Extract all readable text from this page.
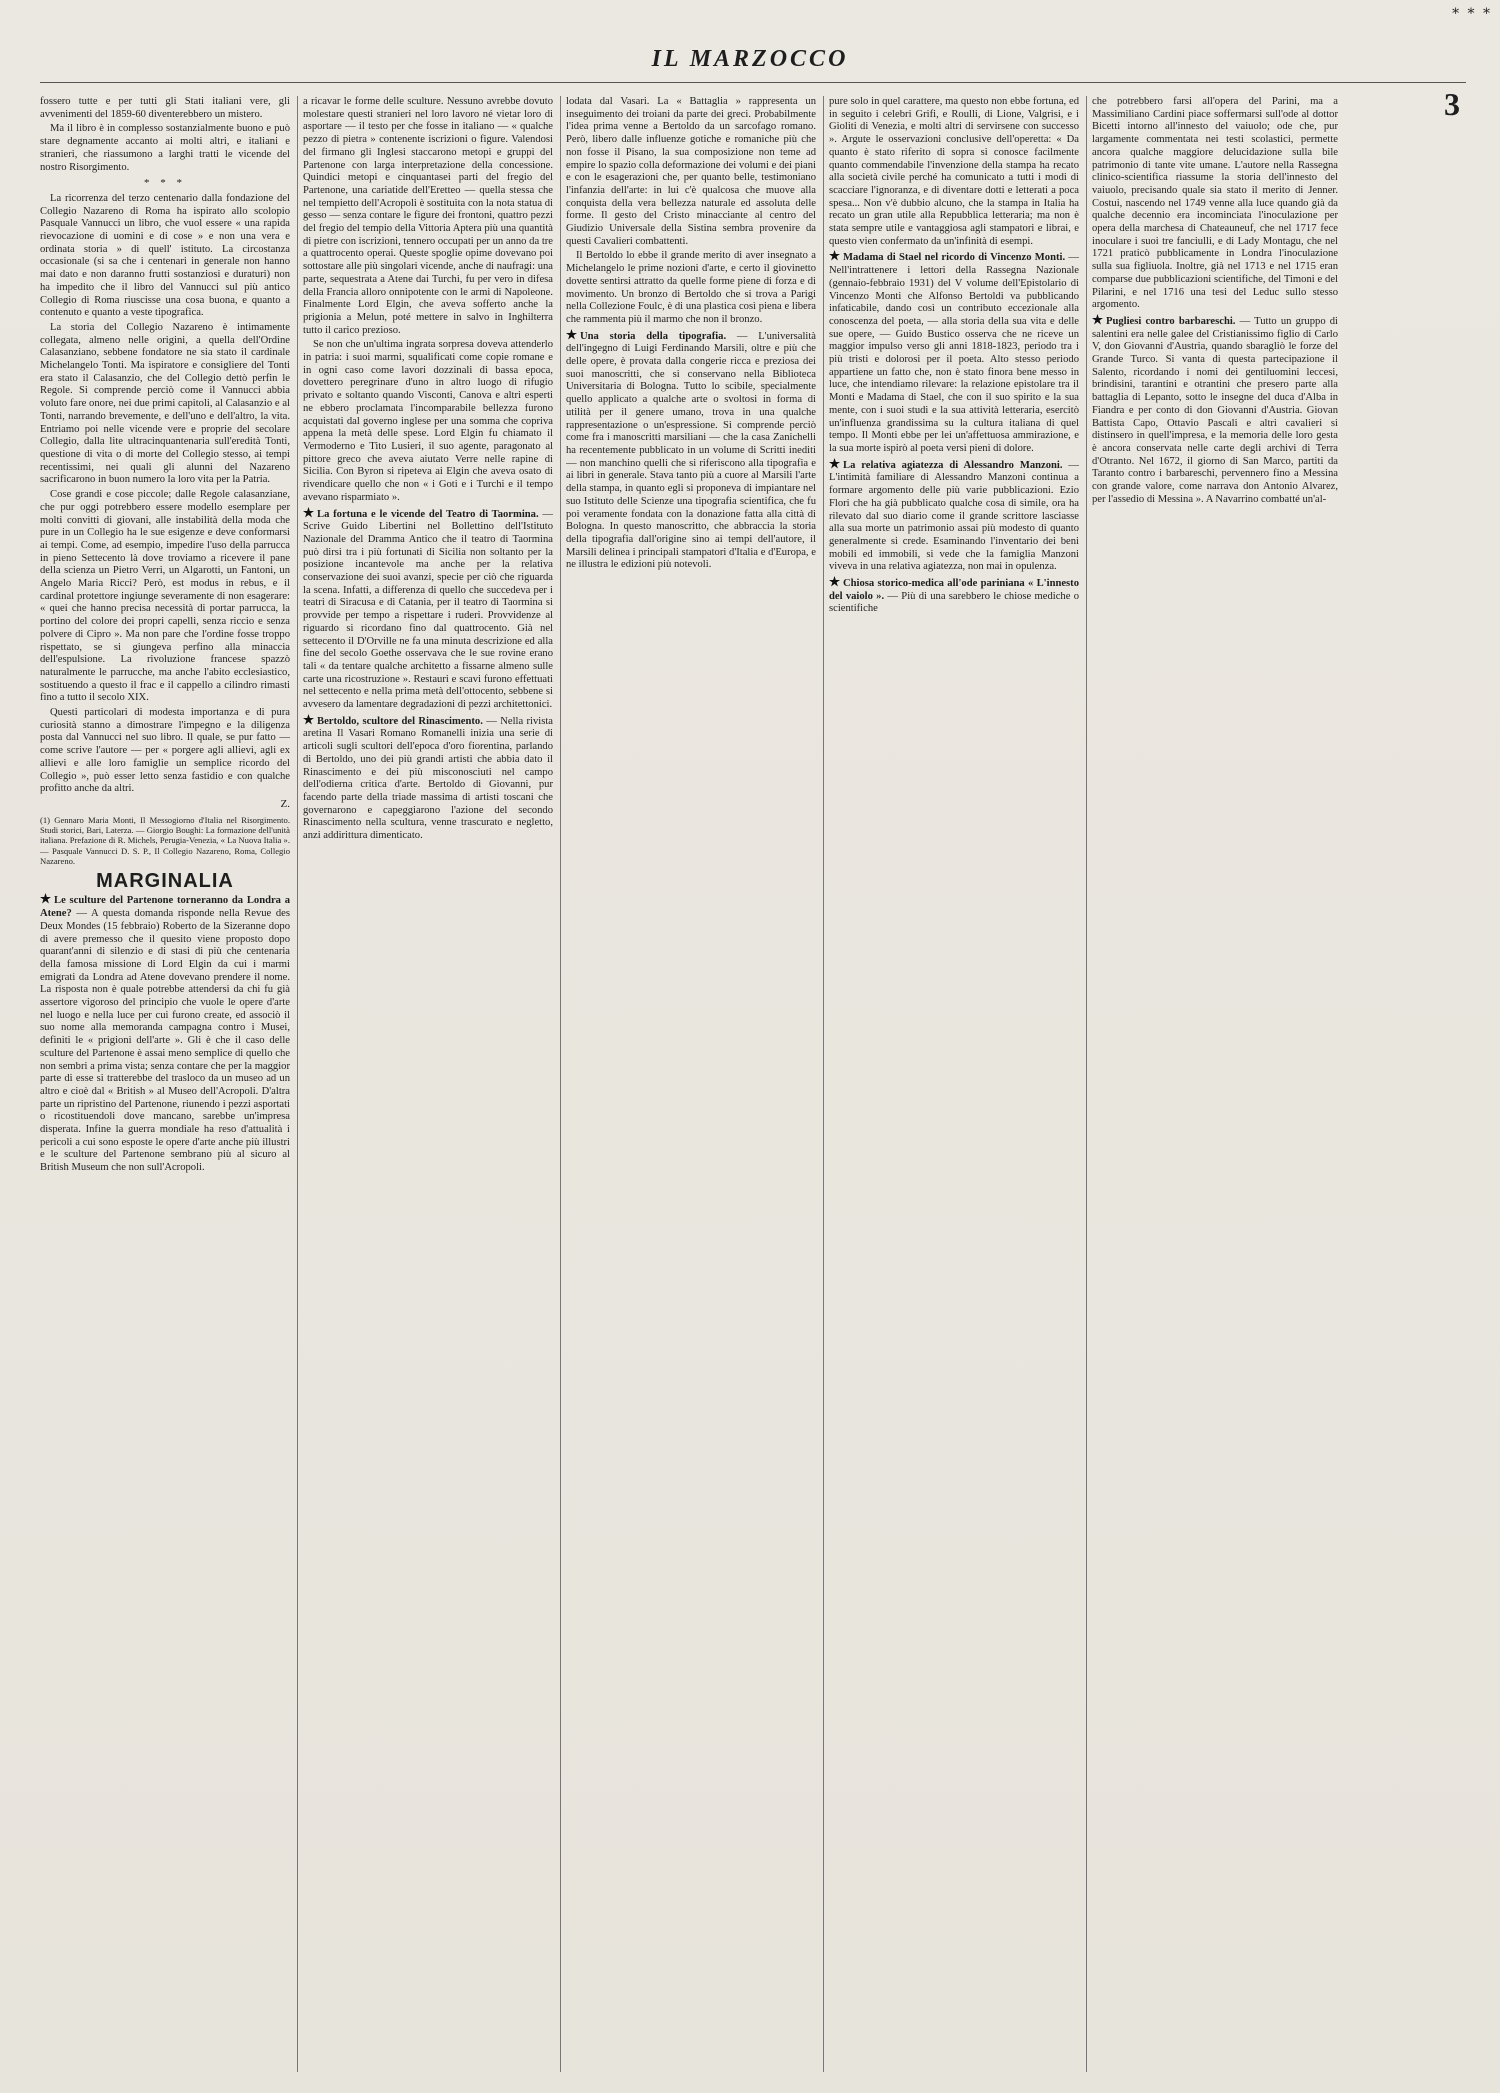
* * *
IL MARZOCCO
3

fossero tutte e per tutti gli Stati italiani vere, gli avvenimenti del 1859-60 diventerebbero un mistero.

Ma il libro è in complesso sostanzialmente buono e può stare degnamente accanto ai molti altri, e italiani e stranieri, che riassumono a larghi tratti le vicende del nostro Risorgimento.

* * *

La ricorrenza del terzo centenario dalla fondazione del Collegio Nazareno di Roma ha ispirato allo scolopio Pasquale Vannucci un libro, che vuol essere « una rapida rievocazione di uomini e di cose » e non una vera e ordinata storia » di quell' istituto. La circostanza occasionale (si sa che i centenari in generale non hanno mai dato e non daranno frutti sostanziosi e duraturi) non ha impedito che il libro del Vannucci sul più antico Collegio di Roma riuscisse una cosa buona, e quanto a contenuto e quanto a veste tipografica.

La storia del Collegio Nazareno è intimamente collegata, almeno nelle origini, a quella dell'Ordine Calasanziano, sebbene fondatore ne sia stato il cardinale Michelangelo Tonti. Ma ispiratore e consigliere del Tonti era stato il Calasanzio, che del Collegio dettò perfin le Regole. Si comprende perciò come il Vannucci abbia voluto fare onore, nei due primi capitoli, al Calasanzio e al Tonti, narrando brevemente, e dell'uno e dell'altro, la vita. Entriamo poi nelle vicende vere e proprie del secolare Collegio, dalla lite ultracinquantenaria sull'eredità Tonti, questione di vita o di morte del Collegio stesso, ai tempi recentissimi, nei quali gli alunni del Nazareno sacrificarono in buon numero la loro vita per la Patria.

Cose grandi e cose piccole; dalle Regole calasanziane, che pur oggi potrebbero essere modello esemplare per molti convitti di giovani, alle instabilità della moda che pure in un Collegio ha le sue esigenze e deve conformarsi ai tempi. Come, ad esempio, impedire l'uso della parrucca in pieno Settecento là dove troviamo a ricevere il pane della scienza un Pietro Verri, un Algarotti, un Fantoni, un Angelo Maria Ricci? Però, est modus in rebus, e il cardinal protettore ingiunge severamente di non esagerare: « quei che hanno precisa necessità di portar parrucca, la portino del colore dei propri capelli, senza riccio e senza polvere di Cipro ». Ma non pare che l'ordine fosse troppo rispettato, se si giungeva perfino alla minaccia dell'espulsione. La rivoluzione francese spazzò naturalmente le parrucche, ma anche l'abito ecclesiastico, sostituendo a questo il frac e il cappello a cilindro rimasti fino a tutto il secolo XIX.

Questi particolari di modesta importanza e di pura curiosità stanno a dimostrare l'impegno e la diligenza posta dal Vannucci nel suo libro. Il quale, se pur fatto — come scrive l'autore — per « porgere agli allievi, agli ex allievi e alle loro famiglie un semplice ricordo del Collegio », può esser letto senza fastidio e con qualche profitto anche da altri.

Z.
(1) Gennaro Maria Monti, Il Messogiorno d'Italia nel Risorgimento. Studi storici, Bari, Laterza. — Giorgio Boughi: La formazione dell'unità italiana. Prefazione di R. Michels, Perugia-Venezia, « La Nuova Italia ». — Pasquale Vannucci D. S. P., Il Collegio Nazareno, Roma, Collegio Nazareno.
MARGINALIA

Le sculture del Partenone torneranno da Londra a Atene? — A questa domanda risponde nella Revue des Deux Mondes (15 febbraio) Roberto de la Sizeranne dopo di avere premesso che il quesito viene proposto dopo quarant'anni di silenzio e di stasi di più che centenaria della famosa missione di Lord Elgin da cui i marmi emigrati da Londra ad Atene dovevano prendere il nome. La risposta non è quale potrebbe attendersi da chi fu già assertore vigoroso del principio che vuole le opere d'arte nel luogo e nella luce per cui furono create, ed associò il suo nome alla memoranda campagna contro i Musei, definiti le « prigioni dell'arte ». Gli è che il caso delle sculture del Partenone è assai meno semplice di quello che non sembri a prima vista; senza contare che per la maggior parte di esse si tratterebbe del trasloco da un museo ad un altro e cioè dal « British » al Museo dell'Acropoli. D'altra parte un ripristino del Partenone, riunendo i pezzi asportati o ricostituendoli dove mancano, sarebbe un'impresa disperata. Infine la guerra mondiale ha reso d'attualità i pericoli a cui sono esposte le opere d'arte anche più illustri e le sculture del Partenone sembrano più al sicuro al British Museum che non sull'Acropoli.

a ricavar le forme delle sculture. Nessuno avrebbe dovuto molestare questi stranieri nel loro lavoro né vietar loro di asportare — il testo per che fosse in italiano — « qualche pezzo di pietra » contenente iscrizioni o figure. Valendosi del firmano gli Inglesi staccarono metopi e gruppi del Partenone con larga interpretazione della concessione. Quindici metopi e cinquantasei parti del fregio del Partenone, una cariatide dell'Eretteo — quella stessa che nel tempietto dell'Acropoli è sostituita con la nota statua di gesso — senza contare le figure dei frontoni, quattro pezzi del fregio del tempio della Vittoria Aptera più una quantità di pietre con iscrizioni, tennero occupati per un anno da tre a quattrocento operai. Queste spoglie opime dovevano poi sottostare alle più singolari vicende, anche di naufragi: una parte, sequestrata a Atene dai Turchi, fu per vero in difesa della Francia alloro onnipotente con le armi di Napoleone. Finalmente Lord Elgin, che aveva sofferto anche la prigionia a Melun, poté mettere in salvo in Inghilterra tutto il carico prezioso.

Se non che un'ultima ingrata sorpresa doveva attenderlo in patria: i suoi marmi, squalificati come copie romane e in ogni caso come lavori dozzinali di bassa epoca, dovettero peregrinare d'uno in altro luogo di rifugio privato e soltanto quando Visconti, Canova e altri esperti ne ebbero proclamata l'incomparabile bellezza furono acquistati dal governo inglese per una somma che copriva appena la metà delle spese. Lord Elgin fu chiamato il Vermoderno e Tito Lusieri, il suo agente, paragonato al pittore greco che aveva aiutato Verre nelle rapine di Sicilia. Con Byron si ripeteva ai Elgin che aveva osato di rivendicare quello che non « i Goti e i Turchi e il tempo avevano risparmiato ».

La fortuna e le vicende del Teatro di Taormina. — Scrive Guido Libertini nel Bollettino dell'Istituto Nazionale del Dramma Antico che il teatro di Taormina può dirsi tra i più fortunati di Sicilia non soltanto per la posizione incantevole ma anche per la relativa conservazione dei suoi avanzi, specie per ciò che riguarda la scena. Infatti, a differenza di quello che succedeva per i teatri di Siracusa e di Catania, per il teatro di Taormina si provvide per tempo a rispettare i ruderi. Provvidenze al riguardo si ricordano fino dal quattrocento. Già nel settecento il D'Orville ne fa una minuta descrizione ed alla fine del secolo Goethe osservava che le sue rovine erano tali « da tentare qualche architetto a fissarne almeno sulle carte una ricostruzione ». Restauri e scavi furono effettuati nel settecento e nella prima metà dell'ottocento, sebbene si avvesero da lamentare degradazioni di pezzi architettonici.

Bertoldo, scultore del Rinascimento. — Nella rivista aretina Il Vasari Romano Romanelli inizia una serie di articoli sugli scultori dell'epoca d'oro fiorentina, parlando di Bertoldo, uno dei più grandi artisti che abbia dato il Rinascimento e dei più misconosciuti nel campo dell'odierna critica d'arte. Bertoldo di Giovanni, pur facendo parte della triade massima di artisti toscani che governarono e capeggiarono l'azione del secondo Rinascimento nella scultura, venne trascurato e negletto, anzi addirittura dimenticato.

lodata dal Vasari. La « Battaglia » rappresenta un inseguimento dei troiani da parte dei greci. Probabilmente l'idea prima venne a Bertoldo da un sarcofago romano. Però, libero dalle influenze gotiche e romaniche più che non fosse il Pisano, la sua composizione non teme ad empire lo spazio colla deformazione dei volumi e dei piani e con le esagerazioni che, per quanto belle, testimoniano l'infanzia dell'arte: in lui c'è qualcosa che muove alla conquista della vera bellezza naturale ed assoluta delle forme. Il gesto del Cristo minacciante al centro del Giudizio Universale della Sistina sembra provenire da questi Cavalieri combattenti.

Il Bertoldo lo ebbe il grande merito di aver insegnato a Michelangelo le prime nozioni d'arte, e certo il giovinetto dovette sentirsi attratto da quelle forme piene di forza e di movimento. Un bronzo di Bertoldo che si trova a Parigi nella Collezione Foulc, è di una plastica così piena e libera che rammenta più il marmo che non il bronzo.

Una storia della tipografia. — L'universalità dell'ingegno di Luigi Ferdinando Marsili, oltre e più che delle opere, è provata dalla congerie ricca e preziosa dei suoi manoscritti, che si conservano nella Biblioteca Universitaria di Bologna. Tutto lo scibile, specialmente quello applicato a qualche arte o svoltosi in forma di utilità per il genere umano, trova in una qualche rappresentazione o un'espressione. Si comprende perciò come fra i manoscritti marsiliani — che la casa Zanichelli ha recentemente pubblicato in un volume di Scritti inediti — non manchino quelli che si riferiscono alla tipografia e ai libri in generale. Stava tanto più a cuore al Marsili l'arte della stampa, in quanto egli si proponeva di impiantare nel suo Istituto delle Scienze una tipografia scientifica, che fu poi veramente fondata con la donazione fatta alla città di Bologna. In questo manoscritto, che abbraccia la storia della tipografia dall'origine sino ai tempi dell'autore, il Marsili delinea i principali stampatori d'Italia e d'Europa, e ne illustra le edizioni più notevoli.

pure solo in quel carattere, ma questo non ebbe fortuna, ed in seguito i celebri Grifi, e Roulli, di Lione, Valgrisi, e i Gioliti di Venezia, e molti altri di servirsene con successo ». Argute le osservazioni conclusive dell'operetta: « Da quanto è stato riferito di sopra si conosce facilmente quanto commendabile l'invenzione della stampa ha recato alla società civile perché ha comunicato a tutti i modi di scacciare l'ignoranza, e di diventare dotti e letterati a poca spesa... Non v'è dubbio alcuno, che la stampa in Italia ha recato un gran utile alla Repubblica letteraria; ma non è stata sempre utile e vantaggiosa agli stampatori e librai, e questo vien confermato da un'infinità di esempi.

Madama di Stael nel ricordo di Vincenzo Monti. — Nell'intrattenere i lettori della Rassegna Nazionale (gennaio-febbraio 1931) del V volume dell'Epistolario di Vincenzo Monti che Alfonso Bertoldi va pubblicando infaticabile, dando così un contributo eccezionale alla conoscenza del poeta, — alla storia della sua vita e delle sue opere, — Guido Bustico osserva che ne riceve un maggior impulso verso gli anni 1818-1823, periodo tra i più tristi e dolorosi per il poeta. Alto stesso periodo appartiene un fatto che, non è stato finora bene messo in luce, che intendiamo rilevare: la relazione epistolare tra il Monti e Madama di Stael, che con il suo spirito e la sua mente, con i suoi studi e la sua attività letteraria, esercitò un'influenza grandissima su la cultura italiana di quel tempo. Il Monti ebbe per lei un'affettuosa ammirazione, e la sua morte ispirò al poeta versi pieni di dolore.

La relativa agiatezza di Alessandro Manzoni. — L'intimità familiare di Alessandro Manzoni continua a formare argomento delle più varie pubblicazioni. Ezio Flori che ha già pubblicato qualche cosa di simile, ora ha rilevato dal suo diario come il grande scrittore lasciasse alla sua morte un patrimonio assai più modesto di quanto generalmente si crede. Esaminando l'inventario dei beni mobili ed immobili, si vede che la famiglia Manzoni viveva in una relativa agiatezza, non mai in opulenza.

Chiosa storico-medica all'ode pariniana « L'innesto del vaiolo ». — Più di una sarebbero le chiose mediche o scientifiche

che potrebbero farsi all'opera del Parini, ma a Massimiliano Cardini piace soffermarsi sull'ode al dottor Bicetti intorno all'innesto del vaiuolo; ode che, pur largamente commentata nei testi scolastici, permette ancora qualche maggiore delucidazione sulla bile patrimonio di tante vite umane. L'autore nella Rassegna clinico-scientifica riassume la storia dell'innesto del vaiuolo, precisando quale sia stato il merito di Jenner. Costui, nascendo nel 1749 venne alla luce quando già da qualche decennio era incominciata l'inoculazione per opera della marchesa di Chateauneuf, che nel 1717 fece inoculare i suoi tre fanciulli, e di Lady Montagu, che nel 1721 praticò pubblicamente in Londra l'inoculazione sulla sua figliuola. Inoltre, già nel 1713 e nel 1715 eran comparse due pubblicazioni scientifiche, del Timoni e del Pilarini, e nel 1716 una tesi del Leduc sullo stesso argomento.

Pugliesi contro barbareschi. — Tutto un gruppo di salentini era nelle galee del Cristianissimo figlio di Carlo V, don Giovanni d'Austria, quando sbaragliò le forze del Grande Turco. Si vanta di questa partecipazione il Salento, ricordando i nomi dei gentiluomini leccesi, brindisini, tarantini e otrantini che presero parte alla battaglia di Lepanto, sotto le insegne del duca d'Alba in Fiandra e per conto di don Giovanni d'Austria. Giovan Battista Capo, Ottavio Pascali e altri cavalieri si distinsero in quell'impresa, e la memoria delle loro gesta è ancora conservata nelle carte degli archivi di Terra d'Otranto. Nel 1672, il giorno di San Marco, partiti da Taranto contro i barbareschi, pervennero fino a Messina con grande valore, come narrava don Antonio Alvarez, per l'assedio di Messina ». A Navarrino combatté un'al-
